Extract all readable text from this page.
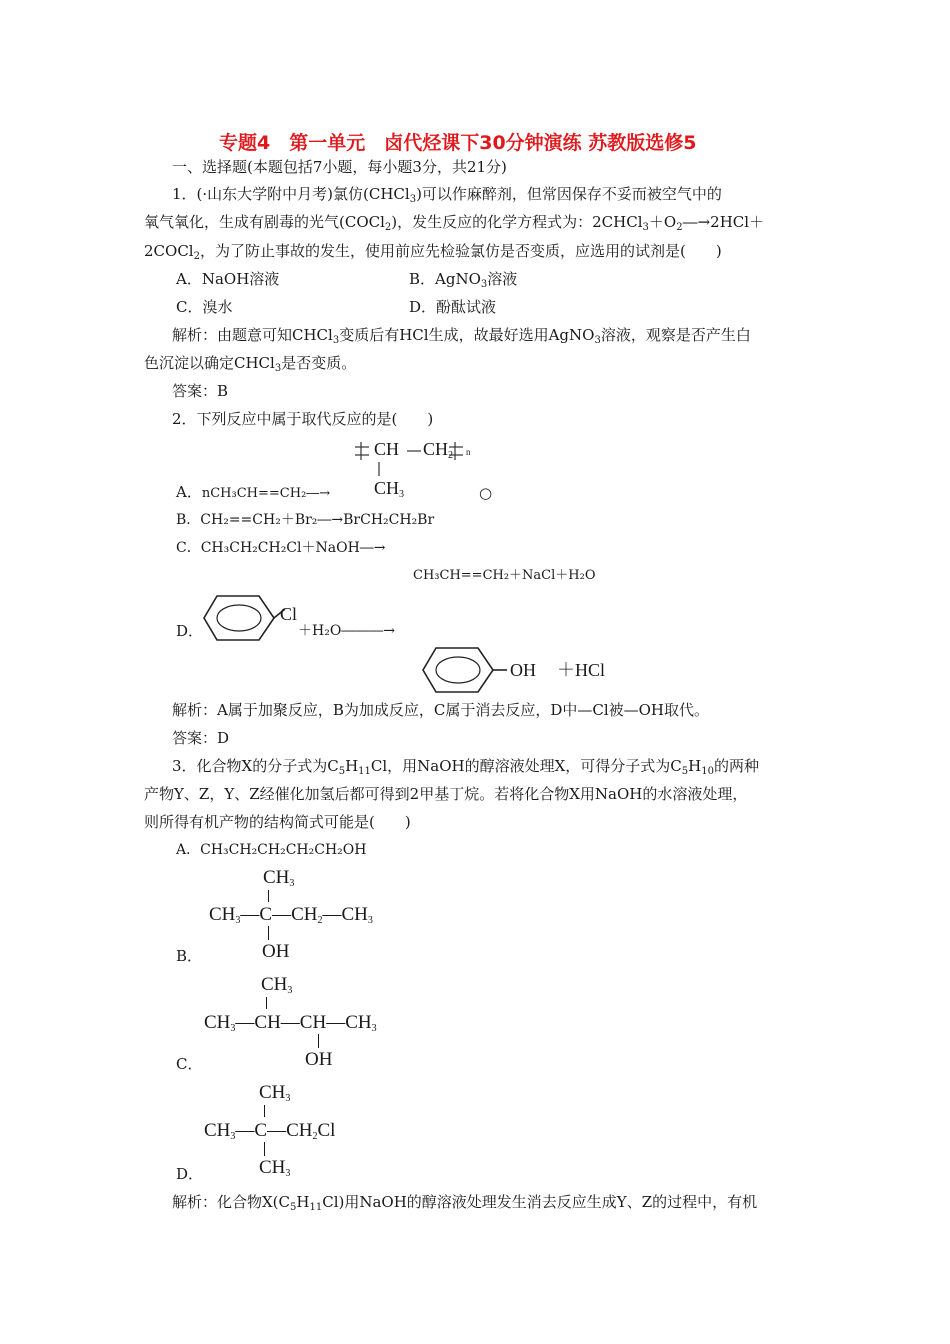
专题4　第一单元　卤代烃课下30分钟演练 苏教版选修5
一、选择题(本题包括7小题，每小题3分，共21分)
1．(·山东大学附中月考)氯仿(CHCl$_3$)可以作麻醉剂，但常因保存不妥而被空气中的
氧气氧化，生成有剧毒的光气(COCl$_2$)，发生反应的化学方程式为：$2CHCl_3+O_2―\to 2HCl+$
2COCl$_2$，为了防止事故的发生，使用前应先检验氯仿是否变质，应选用的试剂是(　　)
A．NaOH溶液	B．AgNO$_3$溶液
C．溴水	D．酚酞试液
解析：由题意可知CHCl$_3$变质后有HCl生成，故最好选用AgNO$_3$溶液，观察是否产生白
色沉淀以确定CHCl$_3$是否变质。
答案：B
2．下列反应中属于取代反应的是(　　)
CH $CH_2$ n
$CH_3$
A．nCH₃CH==CH₂―→	○
B．CH₂==CH₂＋Br₂―→BrCH₂CH₂Br
C．CH₃CH₂CH₂Cl＋NaOH―→
CH₃CH==CH₂＋NaCl＋H₂O
D．
Cl
＋H₂O―――→
OH ＋HCl
解析：A属于加聚反应，B为加成反应，C属于消去反应，D中—Cl被—OH取代。
答案：D
3．化合物X的分子式为$C_5H_{11}Cl$，用NaOH的醇溶液处理X，可得分子式为$C_5H_{10}$的两种
产物Y、Z，Y、Z经催化加氢后都可得到2甲基丁烷。若将化合物X用NaOH的水溶液处理，
则所得有机产物的结构简式可能是(　　)
A．CH₃CH₂CH₂CH₂CH₂OH
$CH_3$
$CH_3—C—CH_2—CH_3$
OH
B．
$CH_3$
$CH_3—CH—CH—CH_3$
OH
C．
$CH_3$
$CH_3—C—CH_2Cl$
$CH_3$
D．
解析：化合物$X(C_5H_{11}Cl)$用NaOH的醇溶液处理发生消去反应生成Y、Z的过程中，有机
